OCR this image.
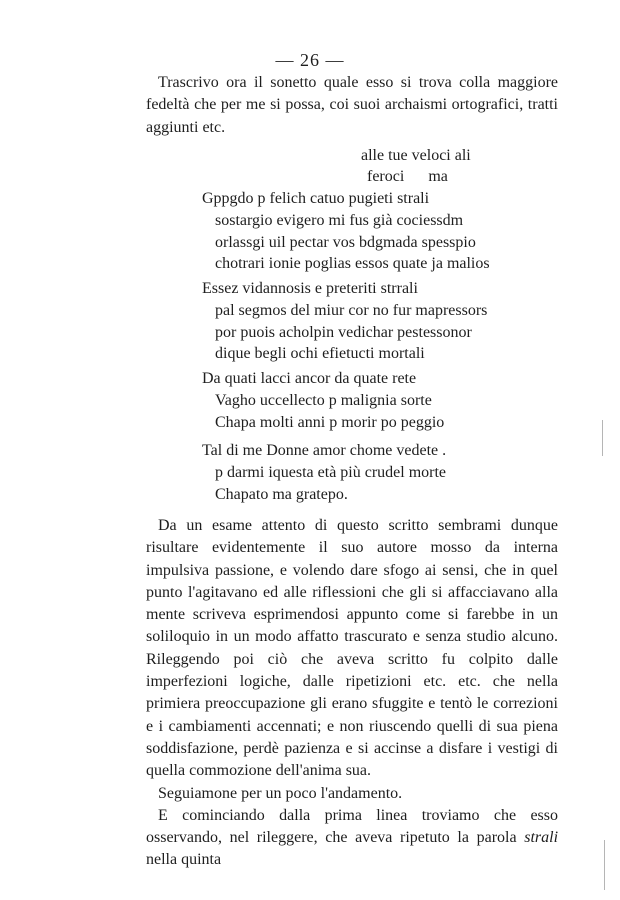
— 26 —

Trascrivo ora il sonetto quale esso si trova colla maggiore fedeltà che per me si possa, coi suoi archaismi ortografici, tratti aggiunti etc.

alle tue veloci ali
feroci ma
Gppgdo p felich catuo pugieti strali
sostargio evigero mi fus già cociessdm
orlassgi uil pectar vos bdgmada spesspio
chotrari ionie poglias essos quate ja malios
Essez vidannosis e preteriti strrali
pal segmos del miur cor no fur mapressors
por puois acholpin vedichar pestessonor
dique begli ochi efietucti mortali
Da quati lacci ancor da quate rete
Vagho uccellecto p malignia sorte
Chapa molti anni p morir po peggio
Tal di me Donne amor chome vedete .
p darmi iquesta età più crudel morte
Chapato ma gratepo.

Da un esame attento di questo scritto sembrami dunque risultare evidentemente il suo autore mosso da interna impulsiva passione, e volendo dare sfogo ai sensi, che in quel punto l'agitavano ed alle riflessioni che gli si affacciavano alla mente scriveva esprimendosi appunto come si farebbe in un soliloquio in un modo affatto trascurato e senza studio alcuno. Rileggendo poi ciò che aveva scritto fu colpito dalle imperfezioni logiche, dalle ripetizioni etc. etc. che nella primiera preoccupazione gli erano sfuggite e tentò le correzioni e i cambiamenti accennati; e non riuscendo quelli di sua piena soddisfazione, perdè pazienza e si accinse a disfare i vestigi di quella commozione dell'anima sua.

Seguiamone per un poco l'andamento.

E cominciando dalla prima linea troviamo che esso osservando, nel rileggere, che aveva ripetuto la parola strali nella quinta
